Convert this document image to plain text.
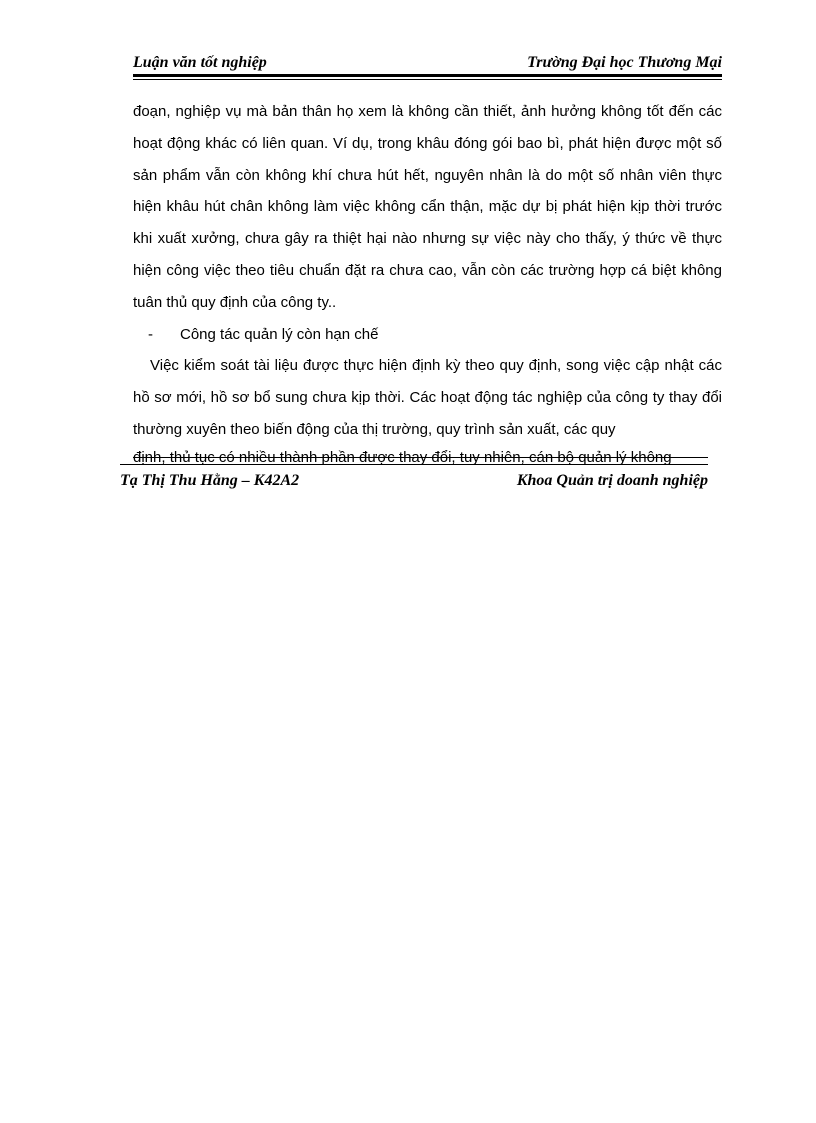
Luận văn tốt nghiệp	Trường Đại học Thương Mại

đoạn, nghiệp vụ mà bản thân họ xem là không cần thiết, ảnh hưởng không tốt đến các hoạt động khác có liên quan. Ví dụ, trong khâu đóng gói bao bì, phát hiện được một số sản phẩm vẫn còn không khí chưa hút hết, nguyên nhân là do một số nhân viên thực hiện khâu hút chân không làm việc không cẩn thận, mặc dự bị phát hiện kịp thời trước khi xuất xưởng, chưa gây ra thiệt hại nào nhưng sự việc này cho thấy, ý thức về thực hiện công việc theo tiêu chuẩn đặt ra chưa cao, vẫn còn các trường hợp cá biệt không tuân thủ quy định của công ty..

- Công tác quản lý còn hạn chế

Việc kiểm soát tài liệu được thực hiện định kỳ theo quy định, song việc cập nhật các hồ sơ mới, hồ sơ bổ sung chưa kịp thời. Các hoạt động tác nghiệp của công ty thay đổi thường xuyên theo biến động của thị trường, quy trình sản xuất, các quy

định, thủ tục có nhiều thành phần được thay đổi, tuy nhiên, cán bộ quản lý không
Tạ Thị Thu Hằng – K42A2	Khoa Quản trị doanh nghiệp
